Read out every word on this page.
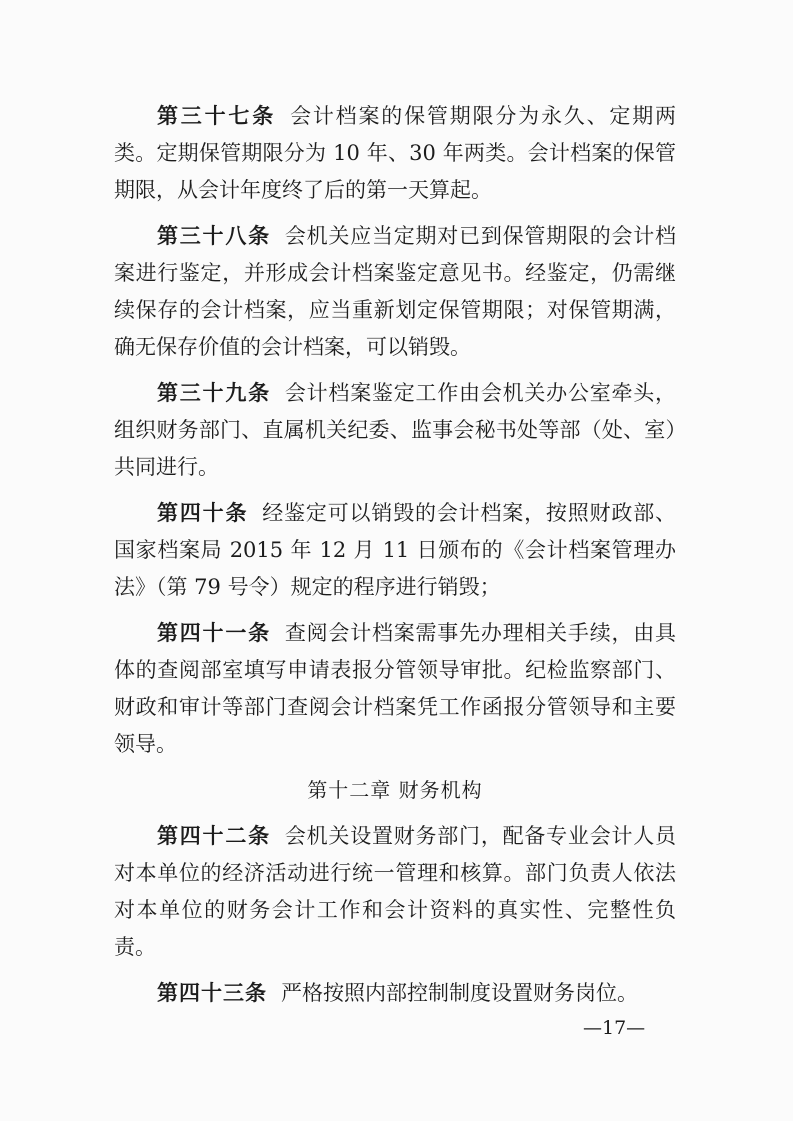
第三十七条 会计档案的保管期限分为永久、定期两类。定期保管期限分为 10 年、30 年两类。会计档案的保管期限，从会计年度终了后的第一天算起。

第三十八条 会机关应当定期对已到保管期限的会计档案进行鉴定，并形成会计档案鉴定意见书。经鉴定，仍需继续保存的会计档案，应当重新划定保管期限；对保管期满，确无保存价值的会计档案，可以销毁。

第三十九条 会计档案鉴定工作由会机关办公室牵头，组织财务部门、直属机关纪委、监事会秘书处等部（处、室）共同进行。

第四十条 经鉴定可以销毁的会计档案，按照财政部、国家档案局 2015 年 12 月 11 日颁布的《会计档案管理办法》（第 79 号令）规定的程序进行销毁；

第四十一条 查阅会计档案需事先办理相关手续，由具体的查阅部室填写申请表报分管领导审批。纪检监察部门、财政和审计等部门查阅会计档案凭工作函报分管领导和主要领导。

第十二章 财务机构

第四十二条 会机关设置财务部门，配备专业会计人员对本单位的经济活动进行统一管理和核算。部门负责人依法对本单位的财务会计工作和会计资料的真实性、完整性负责。

第四十三条 严格按照内部控制制度设置财务岗位。

—17—
